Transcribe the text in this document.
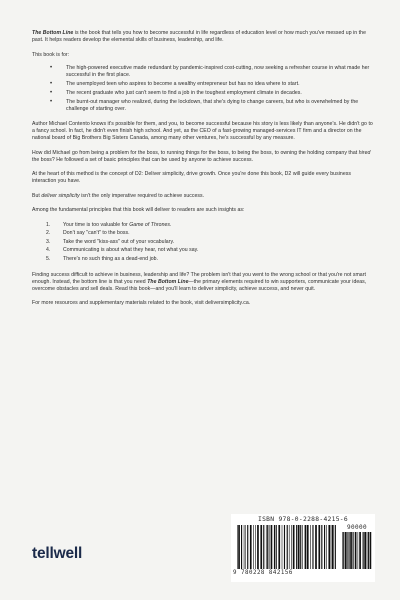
The Bottom Line is the book that tells you how to become successful in life regardless of education level or how much you've messed up in the past. It helps readers develop the elemental skills of business, leadership, and life.

This book is for:

• The high-powered executive made redundant by pandemic-inspired cost-cutting, now seeking a refresher course in what made her successful in the first place.
• The unemployed teen who aspires to become a wealthy entrepreneur but has no idea where to start.
• The recent graduate who just can't seem to find a job in the toughest employment climate in decades.
• The burnt-out manager who realized, during the lockdown, that she's dying to change careers, but who is overwhelmed by the challenge of starting over.

Author Michael Contento knows it's possible for them, and you, to become successful because his story is less likely than anyone's. He didn't go to a fancy school. In fact, he didn't even finish high school. And yet, as the CEO of a fast-growing managed-services IT firm and a director on the national board of Big Brothers Big Sisters Canada, among many other ventures, he's successful by any measure.

How did Michael go from being a problem for the boss, to running things for the boss, to being the boss, to owning the holding company that hired the boss? He followed a set of basic principles that can be used by anyone to achieve success.

At the heart of this method is the concept of D2: Deliver simplicity, drive growth. Once you're done this book, D2 will guide every business interaction you have.

But deliver simplicity isn't the only imperative required to achieve success.

Among the fundamental principles that this book will deliver to readers are such insights as:

1. Your time is too valuable for Game of Thrones.
2. Don't say "can't" to the boss.
3. Take the word "kiss-ass" out of your vocabulary.
4. Communicating is about what they hear, not what you say.
5. There's no such thing as a dead-end job.

Finding success difficult to achieve in business, leadership and life? The problem isn't that you went to the wrong school or that you're not smart enough. Instead, the bottom line is that you need The Bottom Line—the primary elements required to win supporters, communicate your ideas, overcome obstacles and sell deals. Read this book—and you'll learn to deliver simplicity, achieve success, and never quit.

For more resources and supplementary materials related to the book, visit deliversimplicity.ca.

tellwell
ISBN 978-0-2288-4215-6
90000
9 780228 842156
